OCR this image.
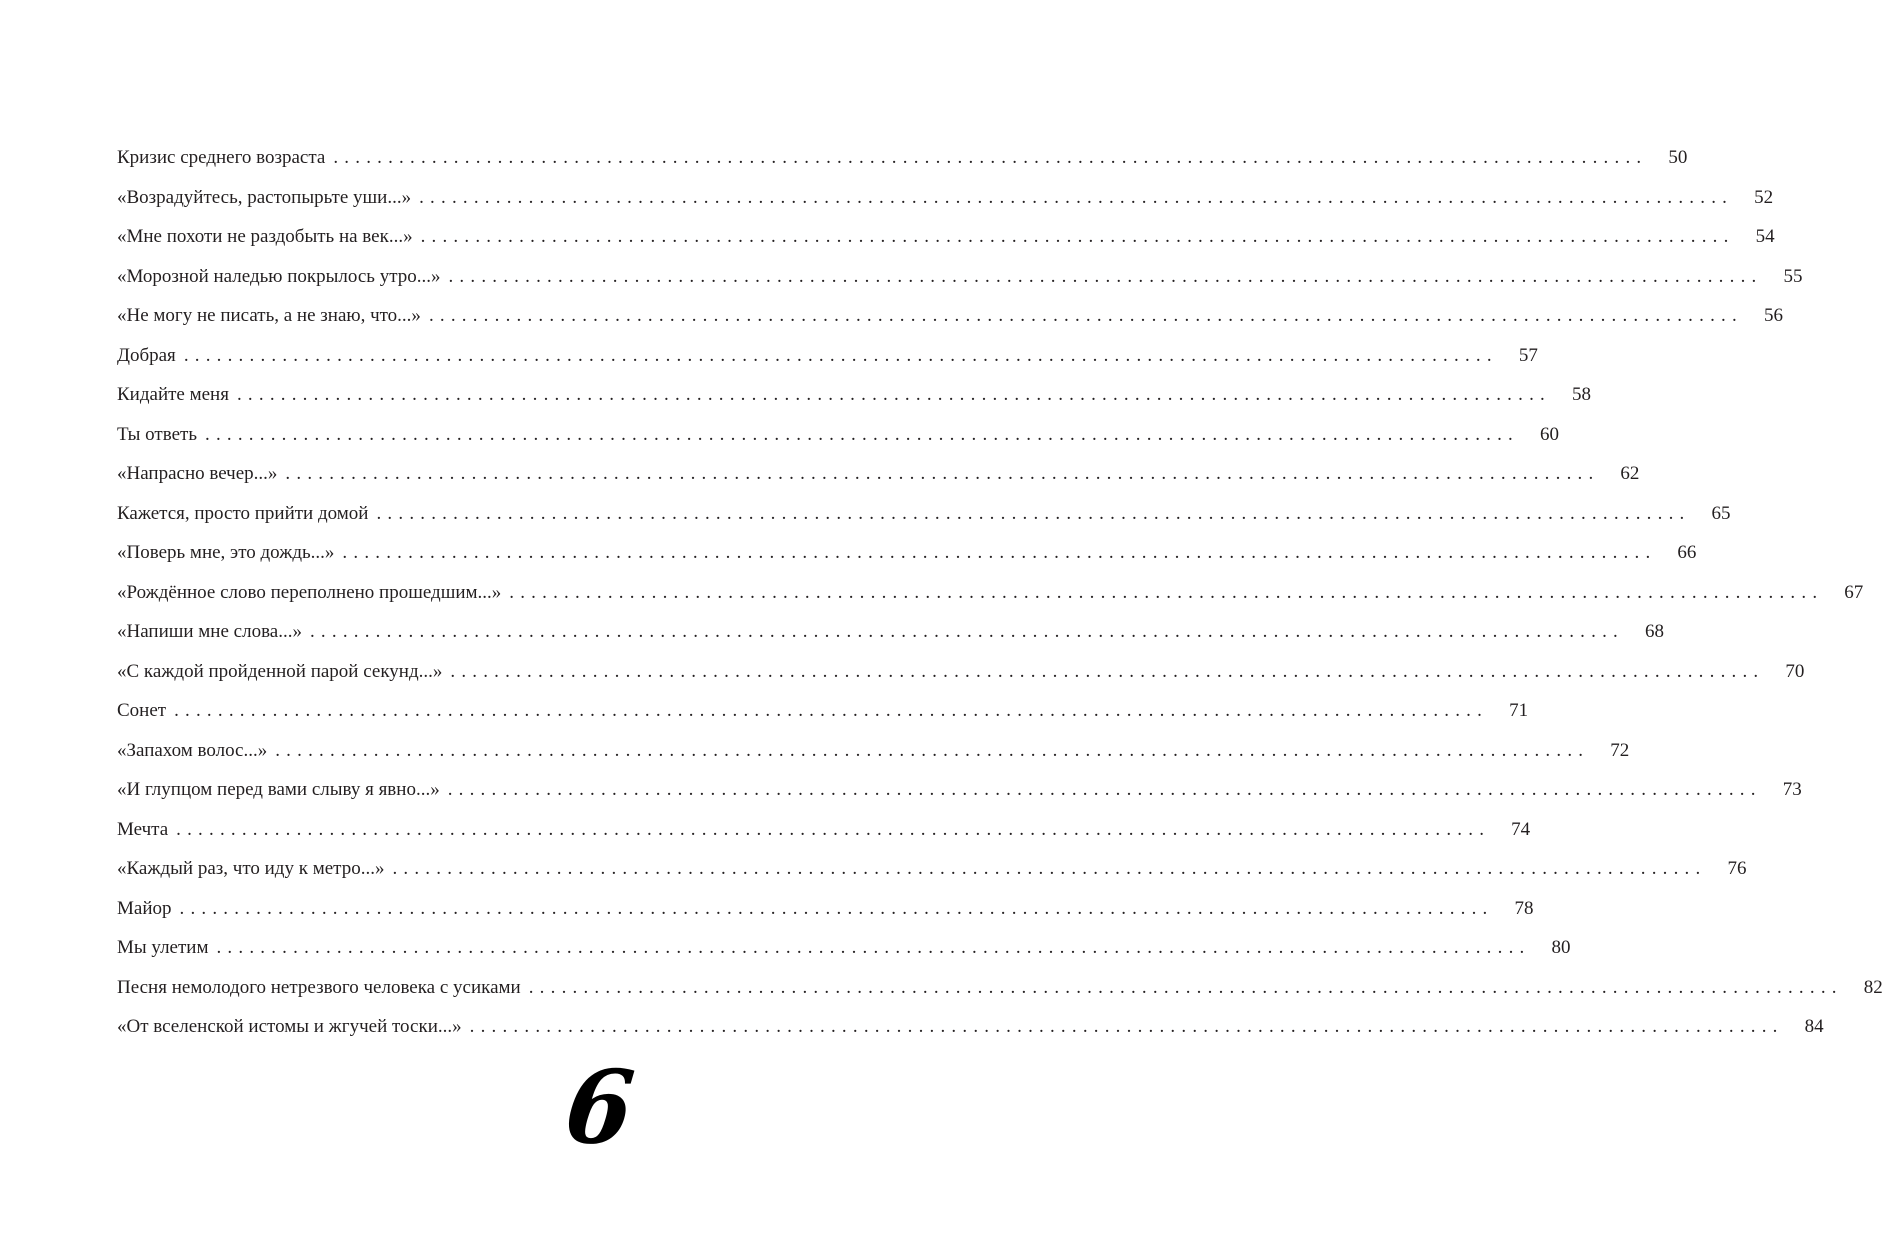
Кризис среднего возраста ........................................................................................................................	50
«Возрадуйтесь, растопырьте уши...» ........................................................................................................................	52
«Мне похоти не раздобыть на век...» ........................................................................................................................	54
«Морозной наледью покрылось утро...» ........................................................................................................................	55
«Не могу не писать, а не знаю, что...» ........................................................................................................................	56
Добрая ........................................................................................................................	57
Кидайте меня ........................................................................................................................	58
Ты ответь ........................................................................................................................	60
«Напрасно вечер...» ........................................................................................................................	62
Кажется, просто прийти домой ........................................................................................................................	65
«Поверь мне, это дождь...» ........................................................................................................................	66
«Рождённое слово переполнено прошедшим...» ........................................................................................................................	67
«Напиши мне слова...» ........................................................................................................................	68
«С каждой пройденной парой секунд...» ........................................................................................................................	70
Сонет ........................................................................................................................	71
«Запахом волос...» ........................................................................................................................	72
«И глупцом перед вами слыву я явно...» ........................................................................................................................	73
Мечта ........................................................................................................................	74
«Каждый раз, что иду к метро...» ........................................................................................................................	76
Майор ........................................................................................................................	78
Мы улетим ........................................................................................................................	80
Песня немолодого нетрезвого человека с усиками ........................................................................................................................	82
«От вселенской истомы и жгучей тоски...» ........................................................................................................................	84
6
